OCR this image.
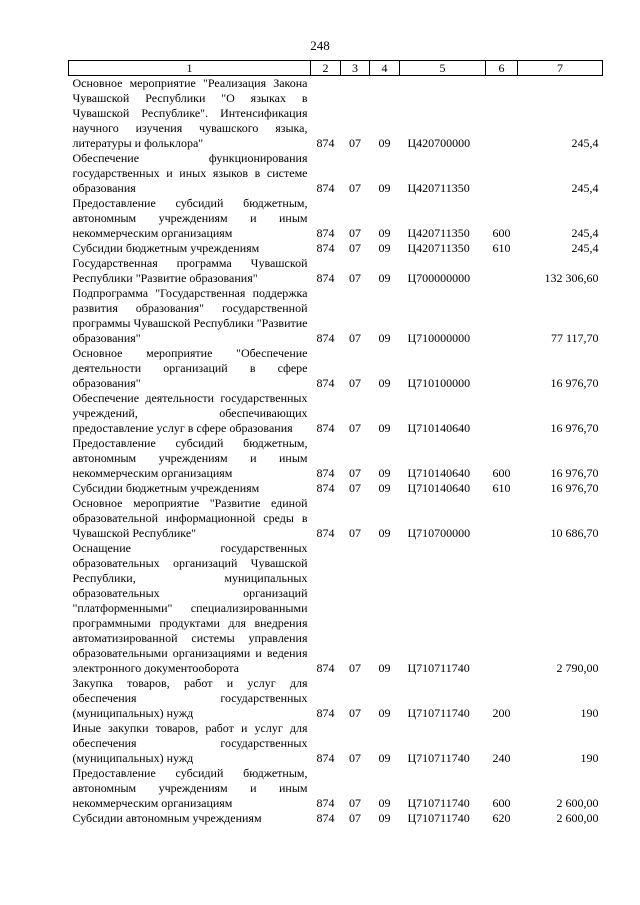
248
1	2	3	4	5	6	7
Основное мероприятие "Реализация Закона Чувашской Республики "О языках в Чувашской Республике". Интенсификация научного изучения чувашского языка, литературы и фольклора"	874	07	09	Ц420700000		245,4
Обеспечение функционирования государственных и иных языков в системе образования	874	07	09	Ц420711350		245,4
Предоставление субсидий бюджетным, автономным учреждениям и иным некоммерческим организациям	874	07	09	Ц420711350	600	245,4
Субсидии бюджетным учреждениям	874	07	09	Ц420711350	610	245,4
Государственная программа Чувашской Республики "Развитие образования"	874	07	09	Ц700000000		132 306,60
Подпрограмма "Государственная поддержка развития образования" государственной программы Чувашской Республики "Развитие образования"	874	07	09	Ц710000000		77 117,70
Основное мероприятие "Обеспечение деятельности организаций в сфере образования"	874	07	09	Ц710100000		16 976,70
Обеспечение деятельности государственных учреждений, обеспечивающих предоставление услуг в сфере образования	874	07	09	Ц710140640		16 976,70
Предоставление субсидий бюджетным, автономным учреждениям и иным некоммерческим организациям	874	07	09	Ц710140640	600	16 976,70
Субсидии бюджетным учреждениям	874	07	09	Ц710140640	610	16 976,70
Основное мероприятие "Развитие единой образовательной информационной среды в Чувашской Республике"	874	07	09	Ц710700000		10 686,70
Оснащение государственных образовательных организаций Чувашской Республики, муниципальных образовательных организаций "платформенными" специализированными программными продуктами для внедрения автоматизированной системы управления образовательными организациями и ведения электронного документооборота	874	07	09	Ц710711740		2 790,00
Закупка товаров, работ и услуг для обеспечения государственных (муниципальных) нужд	874	07	09	Ц710711740	200	190
Иные закупки товаров, работ и услуг для обеспечения государственных (муниципальных) нужд	874	07	09	Ц710711740	240	190
Предоставление субсидий бюджетным, автономным учреждениям и иным некоммерческим организациям	874	07	09	Ц710711740	600	2 600,00
Субсидии автономным учреждениям	874	07	09	Ц710711740	620	2 600,00
